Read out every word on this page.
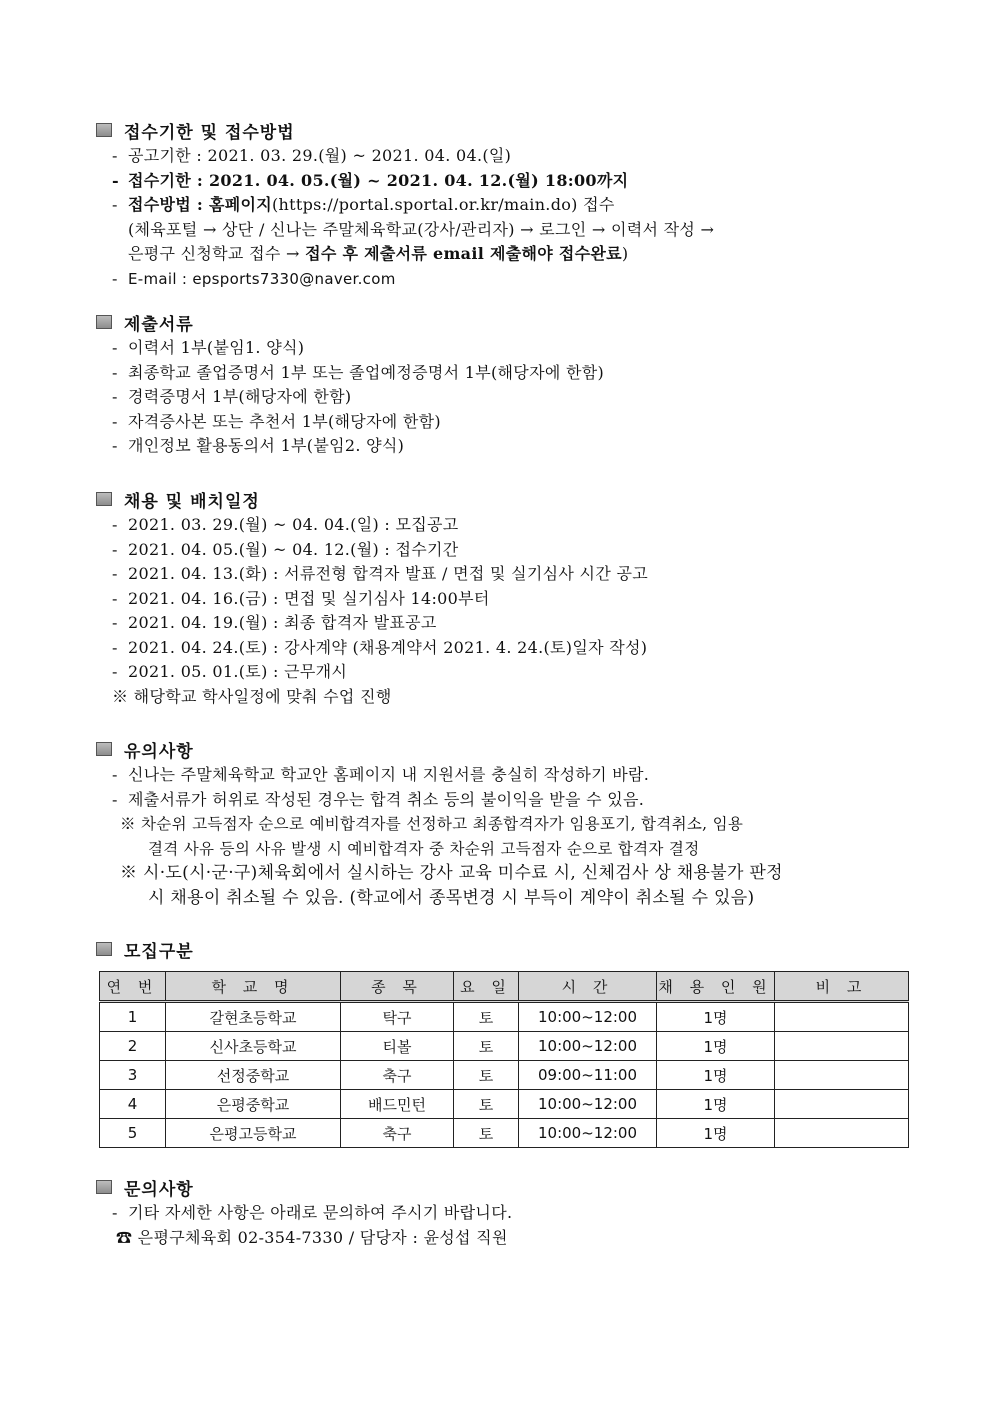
접수기한 및 접수방법
- 공고기한 : 2021. 03. 29.(월) ~ 2021. 04. 04.(일)
- 접수기한 : 2021. 04. 05.(월) ~ 2021. 04. 12.(월) 18:00까지
- 접수방법 : 홈페이지(https://portal.sportal.or.kr/main.do) 접수
(체육포털 → 상단 / 신나는 주말체육학교(강사/관리자) → 로그인 → 이력서 작성 →
은평구 신청학교 접수 → 접수 후 제출서류 email 제출해야 접수완료)
- E-mail : epsports7330@naver.com
제출서류
- 이력서 1부(붙임1. 양식)
- 최종학교 졸업증명서 1부 또는 졸업예정증명서 1부(해당자에 한함)
- 경력증명서 1부(해당자에 한함)
- 자격증사본 또는 추천서 1부(해당자에 한함)
- 개인정보 활용동의서 1부(붙임2. 양식)
채용 및 배치일정
- 2021. 03. 29.(월) ~ 04. 04.(일) : 모집공고
- 2021. 04. 05.(월) ~ 04. 12.(월) : 접수기간
- 2021. 04. 13.(화) : 서류전형 합격자 발표 / 면접 및 실기심사 시간 공고
- 2021. 04. 16.(금) : 면접 및 실기심사 14:00부터
- 2021. 04. 19.(월) : 최종 합격자 발표공고
- 2021. 04. 24.(토) : 강사계약 (채용계약서 2021. 4. 24.(토)일자 작성)
- 2021. 05. 01.(토) : 근무개시
※ 해당학교 학사일정에 맞춰 수업 진행
유의사항
- 신나는 주말체육학교 학교안 홈페이지 내 지원서를 충실히 작성하기 바람.
- 제출서류가 허위로 작성된 경우는 합격 취소 등의 불이익을 받을 수 있음.
※ 차순위 고득점자 순으로 예비합격자를 선정하고 최종합격자가 임용포기, 합격취소, 임용
결격 사유 등의 사유 발생 시 예비합격자 중 차순위 고득점자 순으로 합격자 결정
※ 시·도(시·군·구)체육회에서 실시하는 강사 교육 미수료 시, 신체검사 상 채용불가 판정
시 채용이 취소될 수 있음. (학교에서 종목변경 시 부득이 계약이 취소될 수 있음)
모집구분
연 번	학 교 명	종 목	요 일	시 간	채 용 인 원	비 고
1	갈현초등학교	탁구	토	10:00~12:00	1명	
2	신사초등학교	티볼	토	10:00~12:00	1명	
3	선정중학교	축구	토	09:00~11:00	1명	
4	은평중학교	배드민턴	토	10:00~12:00	1명	
5	은평고등학교	축구	토	10:00~12:00	1명	
문의사항
- 기타 자세한 사항은 아래로 문의하여 주시기 바랍니다.
☎ 은평구체육회 02-354-7330 / 담당자 : 윤성섭 직원
